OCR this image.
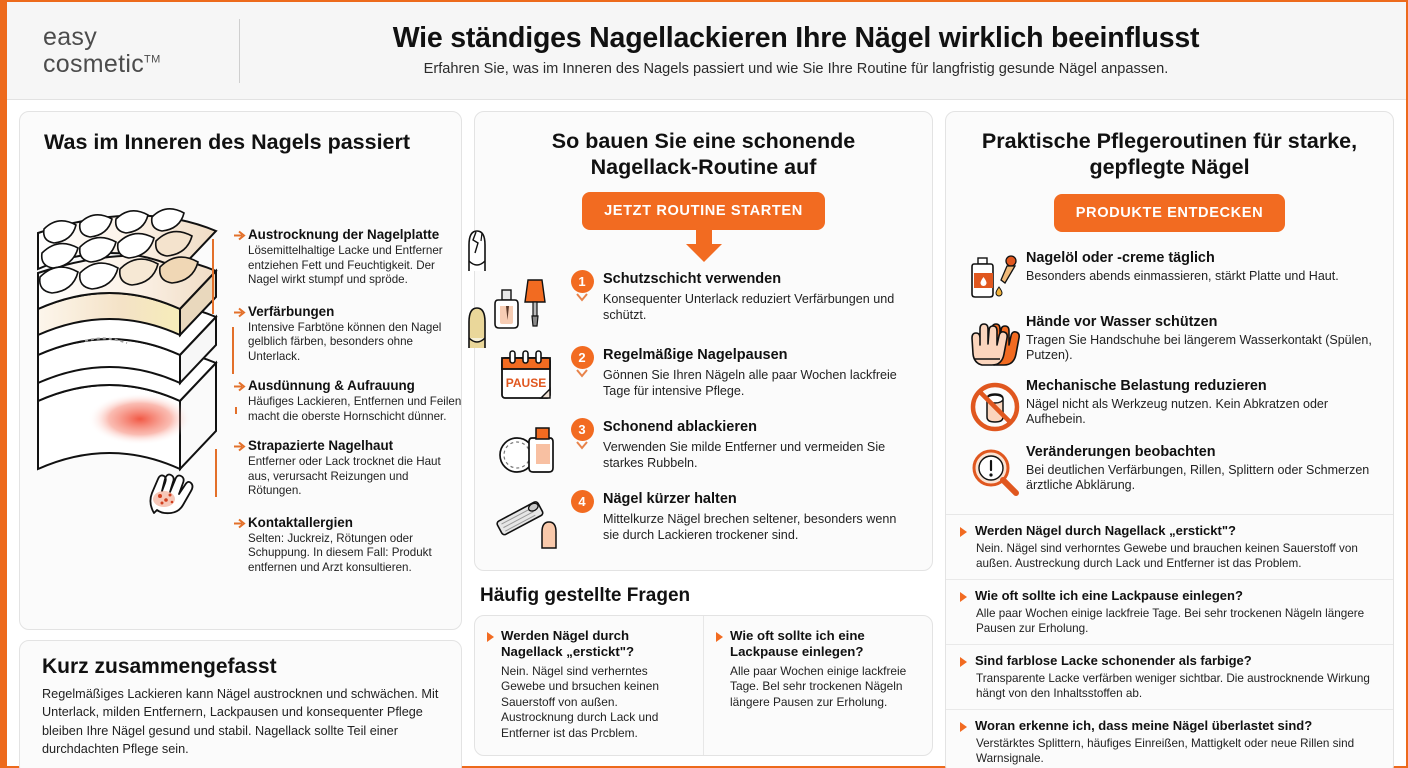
easy
cosmetic™
Wie ständiges Nagellackieren Ihre Nägel wirklich beeinflusst
Erfahren Sie, was im Inneren des Nagels passiert und wie Sie Ihre Routine für langfristig gesunde Nägel anpassen.
Was im Inneren des Nagels passiert
Austrocknung der Nagelplatte
Lösemittelhaltige Lacke und Entferner entziehen Fett und Feuchtigkeit. Der Nagel wirkt stumpf und spröde.
Verfärbungen
Intensive Farbtöne können den Nagel gelblich färben, besonders ohne Unterlack.
Ausdünnung & Aufrauung
Häufiges Lackieren, Entfernen und Feilen macht die oberste Hornschicht dünner.
Strapazierte Nagelhaut
Entferner oder Lack trocknet die Haut aus, verursacht Reizungen und Rötungen.
Kontaktallergien
Selten: Juckreiz, Rötungen oder Schuppung. In diesem Fall: Produkt entfernen und Arzt konsultieren.
Kurz zusammengefasst
Regelmäßiges Lackieren kann Nägel austrocknen und schwächen. Mit Unterlack, milden Entfernern, Lackpausen und konsequenter Pflege bleiben Ihre Nägel gesund und stabil. Nagellack sollte Teil einer durchdachten Pflege sein.
So bauen Sie eine schonende Nagellack-Routine auf
JETZT ROUTINE STARTEN
1	Schutzschicht verwenden
Konsequenter Unterlack reduziert Verfärbungen und schützt.
PAUSE
2	Regelmäßige Nagelpausen
Gönnen Sie Ihren Nägeln alle paar Wochen lackfreie Tage für intensive Pflege.
3	Schonend ablackieren
Verwenden Sie milde Entferner und vermeiden Sie starkes Rubbeln.
4	Nägel kürzer halten
Mittelkurze Nägel brechen seltener, besonders wenn sie durch Lackieren trockener sind.
Häufig gestellte Fragen
Werden Nägel durch Nagellack „erstickt"?
Nein. Nägel sind verherntes Gewebe und brsuchen keinen Sauerstoff von außen. Austrocknung durch Lack und Entferner ist das Prcblem.
Wie oft sollte ich eine Lackpause einlegen?
Alle paar Wochen einige lackfreie Tage. Bel sehr trockenen Nägeln längere Pausen zur Erholung.
Praktische Pflegeroutinen für starke, gepflegte Nägel
PRODUKTE ENTDECKEN
Nagelöl oder -creme täglich
Besonders abends einmassieren, stärkt Platte und Haut.
Hände vor Wasser schützen
Tragen Sie Handschuhe bei längerem Wasserkontakt (Spülen, Putzen).
Mechanische Belastung reduzieren
Nägel nicht als Werkzeug nutzen. Kein Abkratzen oder Aufhebein.
Veränderungen beobachten
Bei deutlichen Verfärbungen, Rillen, Splittern oder Schmerzen ärztliche Abklärung.
Werden Nägel durch Nagellack „erstickt"?
Nein. Nägel sind verhorntes Gewebe und brauchen keinen Sauerstoff von außen. Austreckung durch Lack und Entferner ist das Problem.
Wie oft sollte ich eine Lackpause einlegen?
Alle paar Wochen einige lackfreie Tage. Bei sehr trockenen Nägeln längere Pausen zur Erholung.
Sind farblose Lacke schonender als farbige?
Transparente Lacke verfärben weniger sichtbar. Die austrocknende Wirkung hängt von den Inhaltsstoffen ab.
Woran erkenne ich, dass meine Nägel überlastet sind?
Verstärktes Splittern, häufiges Einreißen, Mattigkelt oder neue Rillen sind Warnsignale.
